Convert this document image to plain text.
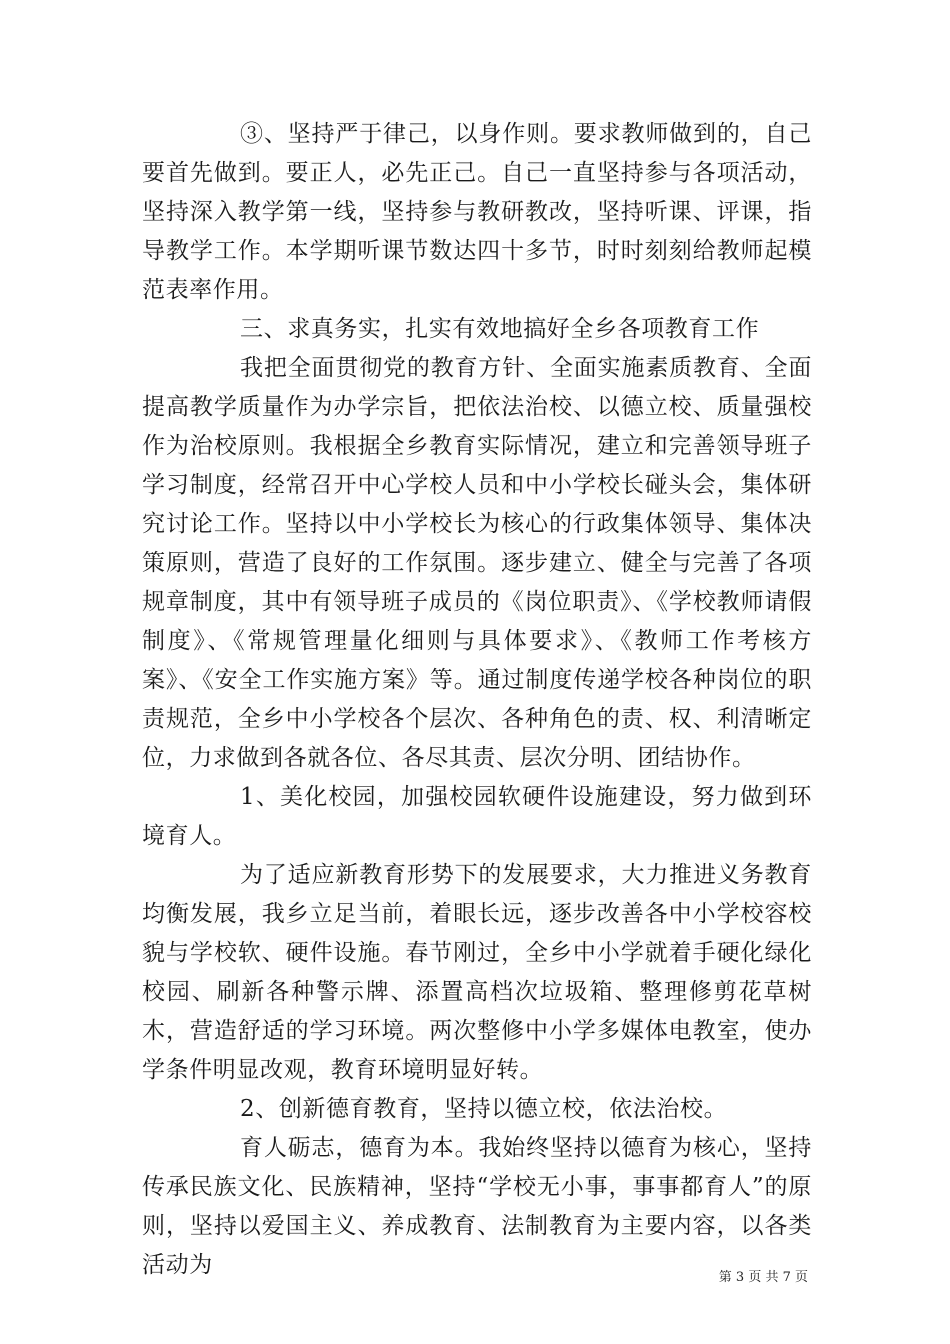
③、坚持严于律己，以身作则。要求教师做到的，自己要首先做到。要正人，必先正己。自己一直坚持参与各项活动，坚持深入教学第一线，坚持参与教研教改，坚持听课、评课，指导教学工作。本学期听课节数达四十多节，时时刻刻给教师起模范表率作用。

三、求真务实，扎实有效地搞好全乡各项教育工作

我把全面贯彻党的教育方针、全面实施素质教育、全面提高教学质量作为办学宗旨，把依法治校、以德立校、质量强校作为治校原则。我根据全乡教育实际情况，建立和完善领导班子学习制度，经常召开中心学校人员和中小学校长碰头会，集体研究讨论工作。坚持以中小学校长为核心的行政集体领导、集体决策原则，营造了良好的工作氛围。逐步建立、健全与完善了各项规章制度，其中有领导班子成员的《岗位职责》、《学校教师请假制度》、《常规管理量化细则与具体要求》、《教师工作考核方案》、《安全工作实施方案》等。通过制度传递学校各种岗位的职责规范，全乡中小学校各个层次、各种角色的责、权、利清晰定位，力求做到各就各位、各尽其责、层次分明、团结协作。

1、美化校园，加强校园软硬件设施建设，努力做到环境育人。

为了适应新教育形势下的发展要求，大力推进义务教育均衡发展，我乡立足当前，着眼长远，逐步改善各中小学校容校貌与学校软、硬件设施。春节刚过，全乡中小学就着手硬化绿化校园、刷新各种警示牌、添置高档次垃圾箱、整理修剪花草树木，营造舒适的学习环境。两次整修中小学多媒体电教室，使办学条件明显改观，教育环境明显好转。

2、创新德育教育，坚持以德立校，依法治校。

育人砺志，德育为本。我始终坚持以德育为核心，坚持传承民族文化、民族精神，坚持“学校无小事，事事都育人”的原则，坚持以爱国主义、养成教育、法制教育为主要内容，以各类活动为	第 3 页 共 7 页
